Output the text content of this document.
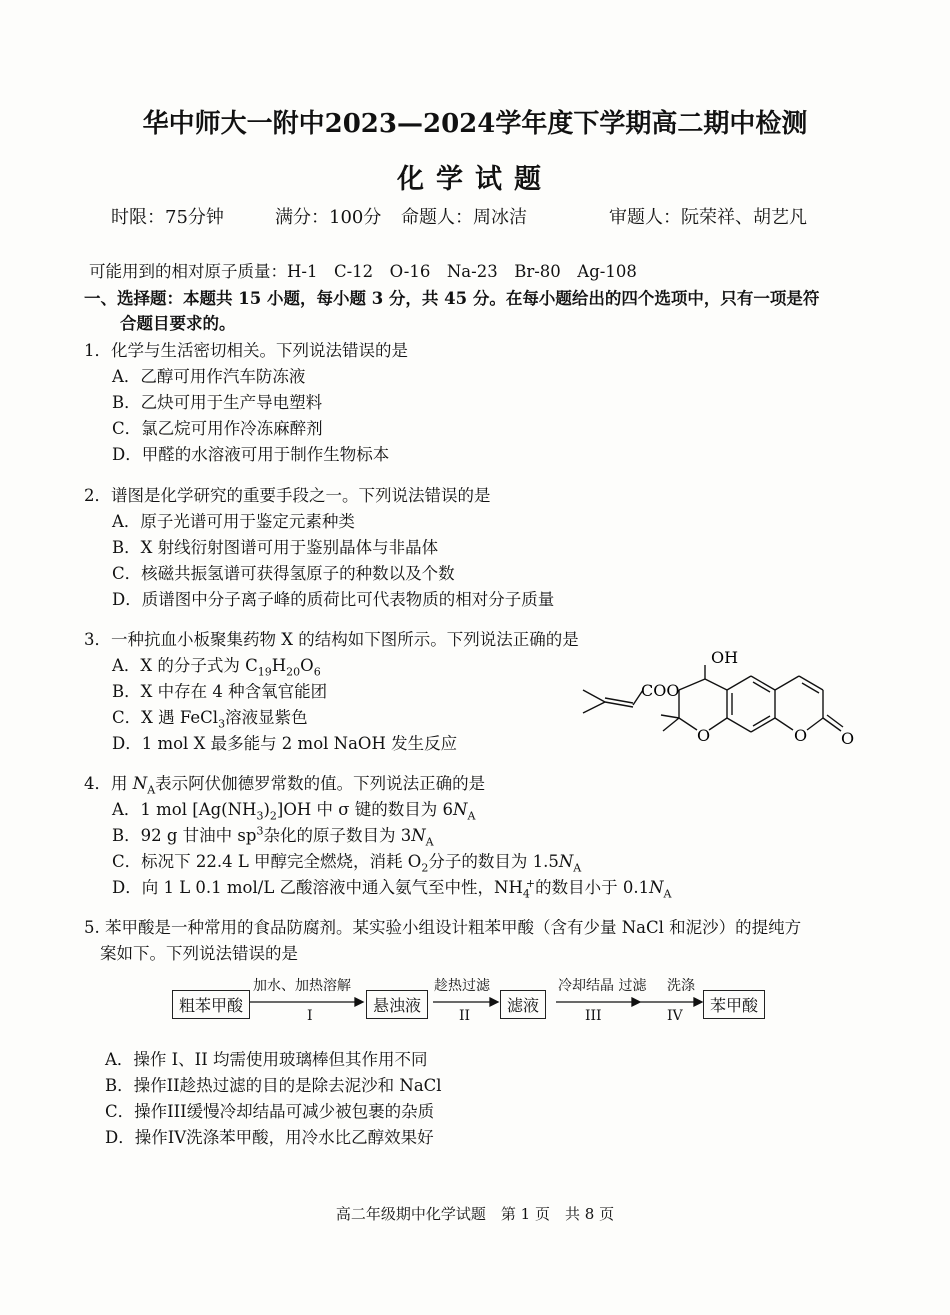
华中师大一附中2023—2024学年度下学期高二期中检测
化学试题
时限：75分钟	满分：100分 命题人：周冰洁	审题人：阮荣祥、胡艺凡
可能用到的相对原子质量：H-1　C-12　O-16　Na-23　Br-80　Ag-108
一、选择题：本题共 15 小题，每小题 3 分，共 45 分。在每小题给出的四个选项中，只有一项是符
合题目要求的。
1．化学与生活密切相关。下列说法错误的是
A．乙醇可用作汽车防冻液
B．乙炔可用于生产导电塑料
C．氯乙烷可用作冷冻麻醉剂
D．甲醛的水溶液可用于制作生物标本
2．谱图是化学研究的重要手段之一。下列说法错误的是
A．原子光谱可用于鉴定元素种类
B．X 射线衍射图谱可用于鉴别晶体与非晶体
C．核磁共振氢谱可获得氢原子的种数以及个数
D．质谱图中分子离子峰的质荷比可代表物质的相对分子质量
3．一种抗血小板聚集药物 X 的结构如下图所示。下列说法正确的是
A．X 的分子式为 $C_{19}H_{20}O_6$
B．X 中存在 4 种含氧官能团
C．X 遇 FeCl$_3$溶液显紫色
D．1 mol X 最多能与 2 mol NaOH 发生反应
OH
COO
O	O O
4．用 $N_A$表示阿伏伽德罗常数的值。下列说法正确的是
A．1 mol $[Ag(NH_3)_2]OH$ 中 σ 键的数目为 $6N_A$
B．92 g 甘油中 $sp^3$杂化的原子数目为 $3N_A$
C．标况下 22.4 L 甲醇完全燃烧，消耗 $O_2$分子的数目为 $1.5N_A$
D．向 1 L 0.1 mol/L 乙酸溶液中通入氨气至中性，$NH_4^+$的数目小于 $0.1N_A$
5. 苯甲酸是一种常用的食品防腐剂。某实验小组设计粗苯甲酸（含有少量 NaCl 和泥沙）的提纯方
案如下。下列说法错误的是
粗苯甲酸	悬浊液	滤液	苯甲酸
加水、加热溶解
I
趁热过滤
II
冷却结晶 过滤
III
洗涤
IV
A．操作 I、II 均需使用玻璃棒但其作用不同
B．操作II趁热过滤的目的是除去泥沙和 NaCl
C．操作III缓慢冷却结晶可减少被包裹的杂质
D．操作IV洗涤苯甲酸，用冷水比乙醇效果好
高二年级期中化学试题　第 1 页　共 8 页
